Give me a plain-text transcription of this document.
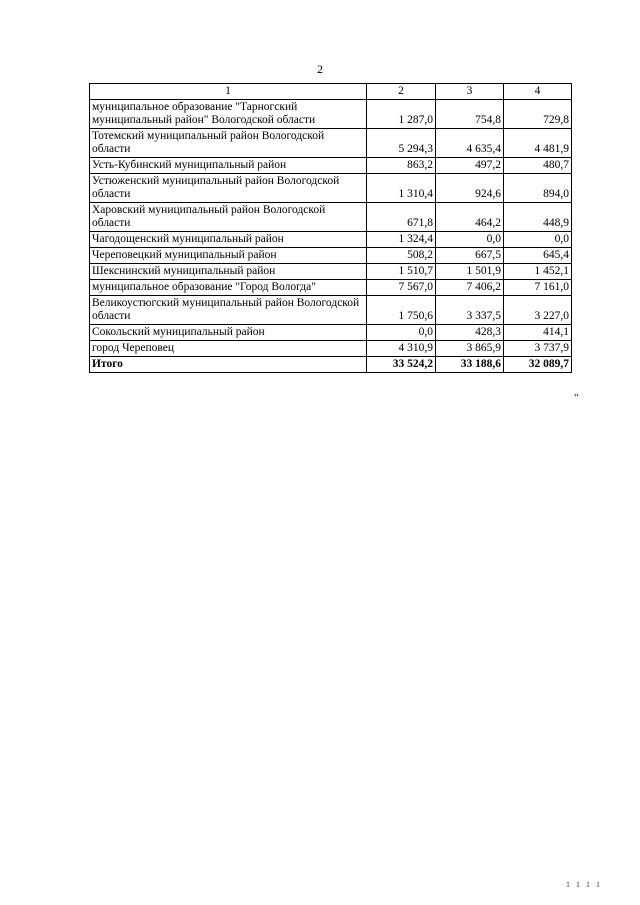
2
1	2	3	4
муниципальное образование "Тарногский муниципальный район" Вологодской области	1 287,0	754,8	729,8
Тотемский муниципальный район Вологодской области	5 294,3	4 635,4	4 481,9
Усть-Кубинский муниципальный район	863,2	497,2	480,7
Устюженский муниципальный район Вологодской области	1 310,4	924,6	894,0
Харовский муниципальный район Вологодской области	671,8	464,2	448,9
Чагодощенский муниципальный район	1 324,4	0,0	0,0
Череповецкий муниципальный район	508,2	667,5	645,4
Шекснинский муниципальный район	1 510,7	1 501,9	1 452,1
муниципальное образование "Город Вологда"	7 567,0	7 406,2	7 161,0
Великоустюгский муниципальный район Вологодской области	1 750,6	3 337,5	3 227,0
Сокольский муниципальный район	0,0	428,3	414,1
город Череповец	4 310,9	3 865,9	3 737,9
Итого	33 524,2	33 188,6	32 089,7
"
1 1 1 1
